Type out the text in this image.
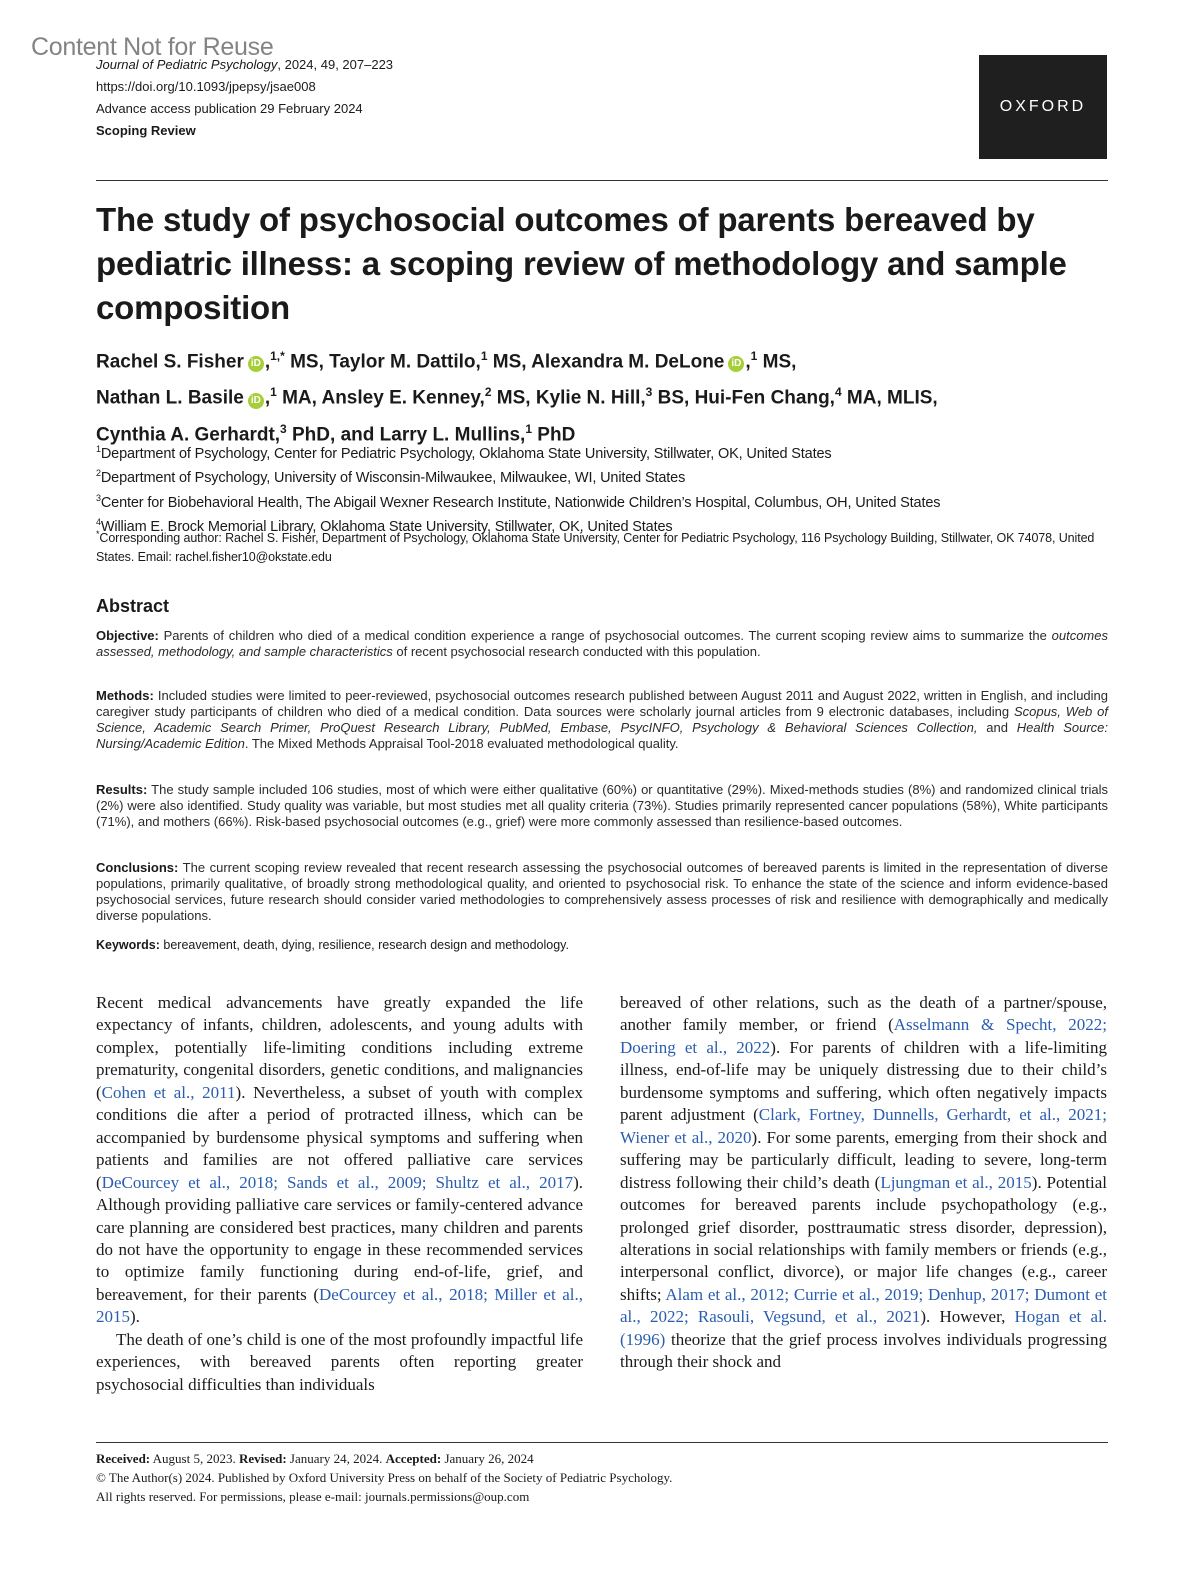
Content Not for Reuse
Journal of Pediatric Psychology, 2024, 49, 207–223
https://doi.org/10.1093/jpepsy/jsae008
Advance access publication 29 February 2024
Scoping Review
OXFORD
The study of psychosocial outcomes of parents bereaved by pediatric illness: a scoping review of methodology and sample composition
Rachel S. Fisher iD ,$^{1,*}$ MS, Taylor M. Dattilo,$^1$ MS, Alexandra M. DeLone iD ,$^1$ MS,
Nathan L. Basile iD ,$^1$ MA, Ansley E. Kenney,$^2$ MS, Kylie N. Hill,$^3$ BS, Hui-Fen Chang,$^4$ MA, MLIS,
Cynthia A. Gerhardt,$^3$ PhD, and Larry L. Mullins,$^1$ PhD
$^1$Department of Psychology, Center for Pediatric Psychology, Oklahoma State University, Stillwater, OK, United States
$^2$Department of Psychology, University of Wisconsin-Milwaukee, Milwaukee, WI, United States
$^3$Center for Biobehavioral Health, The Abigail Wexner Research Institute, Nationwide Children’s Hospital, Columbus, OH, United States
$^4$William E. Brock Memorial Library, Oklahoma State University, Stillwater, OK, United States
*Corresponding author: Rachel S. Fisher, Department of Psychology, Oklahoma State University, Center for Pediatric Psychology, 116 Psychology Building, Stillwater, OK 74078, United States. Email: rachel.fisher10@okstate.edu
Abstract

Objective: Parents of children who died of a medical condition experience a range of psychosocial outcomes. The current scoping review aims to summarize the outcomes assessed, methodology, and sample characteristics of recent psychosocial research conducted with this population.

Methods: Included studies were limited to peer-reviewed, psychosocial outcomes research published between August 2011 and August 2022, written in English, and including caregiver study participants of children who died of a medical condition. Data sources were scholarly journal articles from 9 electronic databases, including Scopus, Web of Science, Academic Search Primer, ProQuest Research Library, PubMed, Embase, PsycINFO, Psychology & Behavioral Sciences Collection, and Health Source: Nursing/Academic Edition. The Mixed Methods Appraisal Tool-2018 evaluated methodological quality.

Results: The study sample included 106 studies, most of which were either qualitative (60%) or quantitative (29%). Mixed-methods studies (8%) and randomized clinical trials (2%) were also identified. Study quality was variable, but most studies met all quality criteria (73%). Studies primarily represented cancer populations (58%), White participants (71%), and mothers (66%). Risk-based psychosocial outcomes (e.g., grief) were more commonly assessed than resilience-based outcomes.

Conclusions: The current scoping review revealed that recent research assessing the psychosocial outcomes of bereaved parents is limited in the representation of diverse populations, primarily qualitative, of broadly strong methodological quality, and oriented to psychosocial risk. To enhance the state of the science and inform evidence-based psychosocial services, future research should consider varied methodologies to comprehensively assess processes of risk and resilience with demographically and medically diverse populations.

Keywords: bereavement, death, dying, resilience, research design and methodology.

Recent medical advancements have greatly expanded the life expectancy of infants, children, adolescents, and young adults with complex, potentially life-limiting conditions including extreme prematurity, congenital disorders, genetic conditions, and malignancies (Cohen et al., 2011). Nevertheless, a subset of youth with complex conditions die after a period of protracted illness, which can be accompanied by burdensome physical symptoms and suffering when patients and families are not offered palliative care services (DeCourcey et al., 2018; Sands et al., 2009; Shultz et al., 2017). Although providing palliative care services or family-centered advance care planning are considered best practices, many children and parents do not have the opportunity to engage in these recommended services to optimize family functioning during end-of-life, grief, and bereavement, for their parents (DeCourcey et al., 2018; Miller et al., 2015).

The death of one’s child is one of the most profoundly impactful life experiences, with bereaved parents often reporting greater psychosocial difficulties than individuals

bereaved of other relations, such as the death of a partner/spouse, another family member, or friend (Asselmann & Specht, 2022; Doering et al., 2022). For parents of children with a life-limiting illness, end-of-life may be uniquely distressing due to their child’s burdensome symptoms and suffering, which often negatively impacts parent adjustment (Clark, Fortney, Dunnells, Gerhardt, et al., 2021; Wiener et al., 2020). For some parents, emerging from their shock and suffering may be particularly difficult, leading to severe, long-term distress following their child’s death (Ljungman et al., 2015). Potential outcomes for bereaved parents include psychopathology (e.g., prolonged grief disorder, posttraumatic stress disorder, depression), alterations in social relationships with family members or friends (e.g., interpersonal conflict, divorce), or major life changes (e.g., career shifts; Alam et al., 2012; Currie et al., 2019; Denhup, 2017; Dumont et al., 2022; Rasouli, Vegsund, et al., 2021). However, Hogan et al. (1996) theorize that the grief process involves individuals progressing through their shock and

Received: August 5, 2023. Revised: January 24, 2024. Accepted: January 26, 2024
© The Author(s) 2024. Published by Oxford University Press on behalf of the Society of Pediatric Psychology.
All rights reserved. For permissions, please e-mail: journals.permissions@oup.com
